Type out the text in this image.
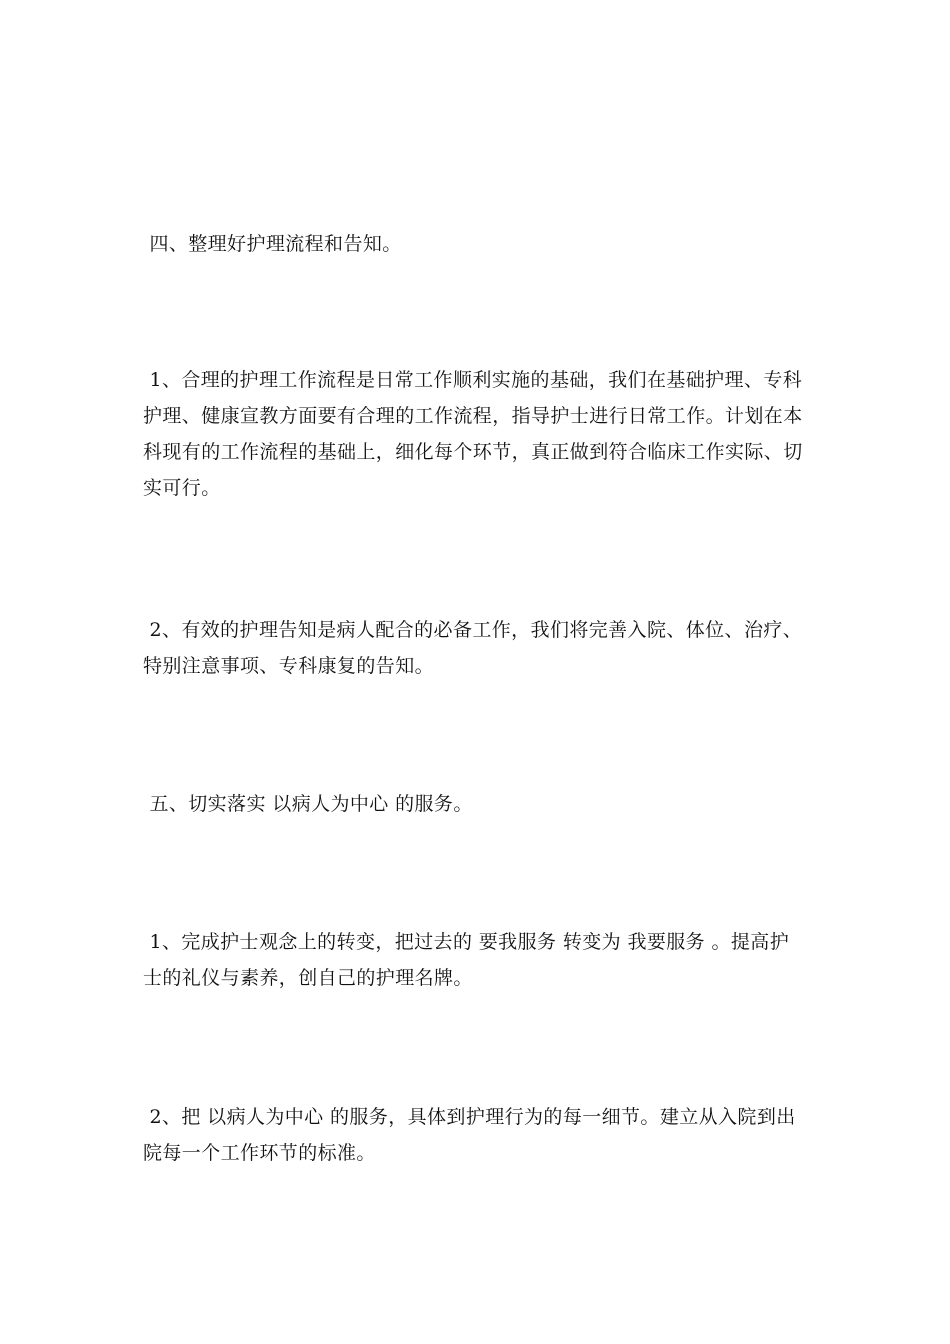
四、整理好护理流程和告知。

1、合理的护理工作流程是日常工作顺利实施的基础，我们在基础护理、专科护理、健康宣教方面要有合理的工作流程，指导护士进行日常工作。计划在本科现有的工作流程的基础上，细化每个环节，真正做到符合临床工作实际、切实可行。

2、有效的护理告知是病人配合的必备工作，我们将完善入院、体位、治疗、特别注意事项、专科康复的告知。

五、切实落实 以病人为中心 的服务。

1、完成护士观念上的转变，把过去的 要我服务 转变为 我要服务 。提高护士的礼仪与素养，创自己的护理名牌。

2、把 以病人为中心 的服务，具体到护理行为的每一细节。建立从入院到出院每一个工作环节的标准。
